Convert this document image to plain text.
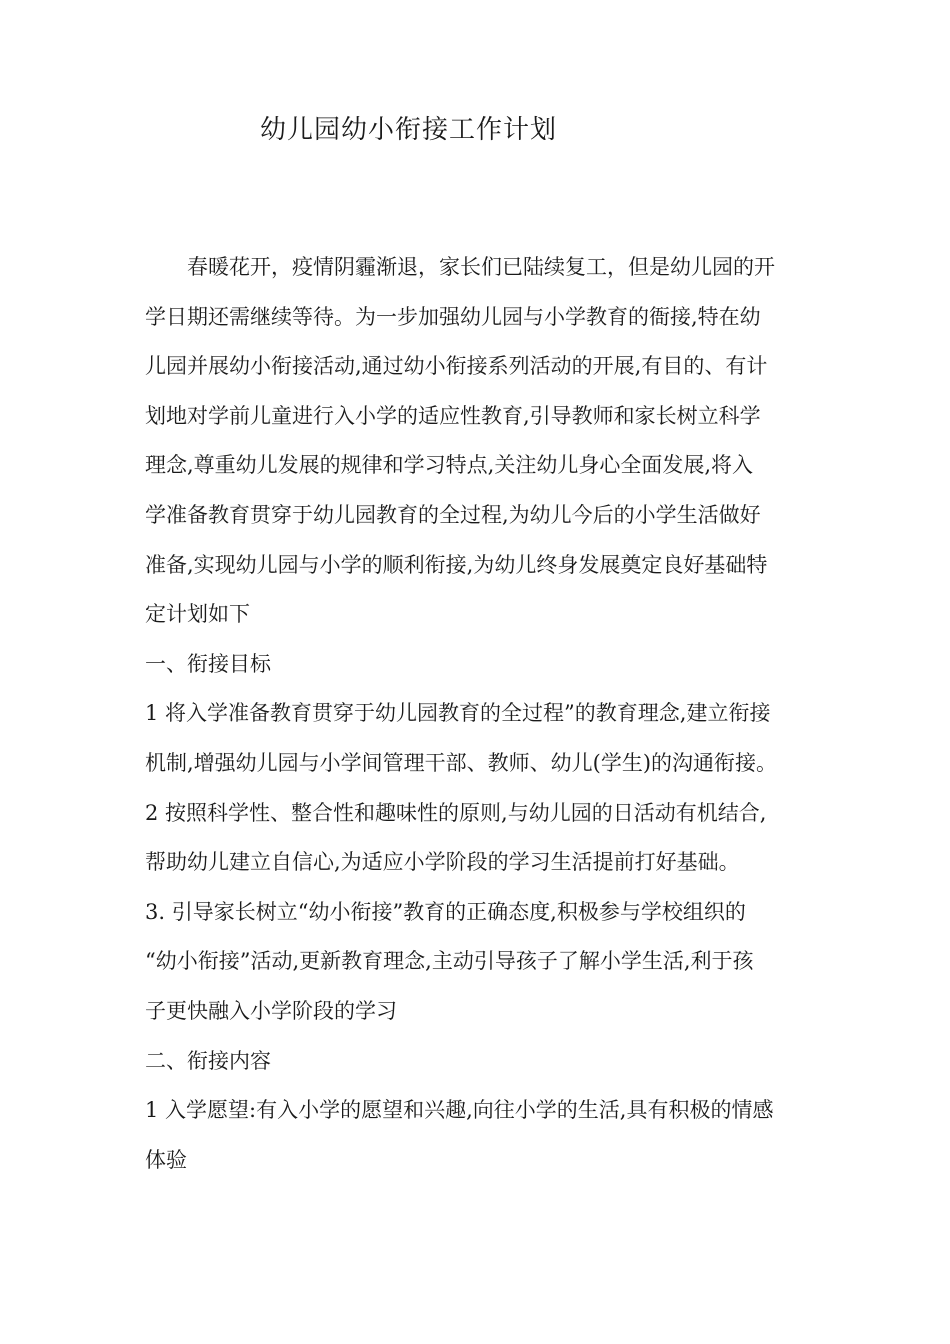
幼儿园幼小衔接工作计划
春暖花开，疫情阴霾渐退，家长们已陆续复工，但是幼儿园的开
学日期还需继续等待。为一步加强幼儿园与小学教育的衙接,特在幼
儿园并展幼小衔接活动,通过幼小衔接系列活动的开展,有目的、有计
划地对学前儿童进行入小学的适应性教育,引导教师和家长树立科学
理念,尊重幼儿发展的规律和学习特点,关注幼儿身心全面发展,将入
学准备教育贯穿于幼儿园教育的全过程,为幼儿今后的小学生活做好
准备,实现幼儿园与小学的顺利衔接,为幼儿终身发展奠定良好基础特
定计划如下
一、衔接目标
1 将入学准备教育贯穿于幼儿园教育的全过程”的教育理念,建立衔接
机制,增强幼儿园与小学间管理干部、教师、幼儿(学生)的沟通衔接。
2 按照科学性、整合性和趣味性的原则,与幼儿园的日活动有机结合,
帮助幼儿建立自信心,为适应小学阶段的学习生活提前打好基础。
3. 引导家长树立“幼小衔接”教育的正确态度,积极参与学校组织的
“幼小衔接”活动,更新教育理念,主动引导孩子了解小学生活,利于孩
子更快融入小学阶段的学习
二、衔接内容
1 入学愿望:有入小学的愿望和兴趣,向往小学的生活,具有积极的情感
体验
